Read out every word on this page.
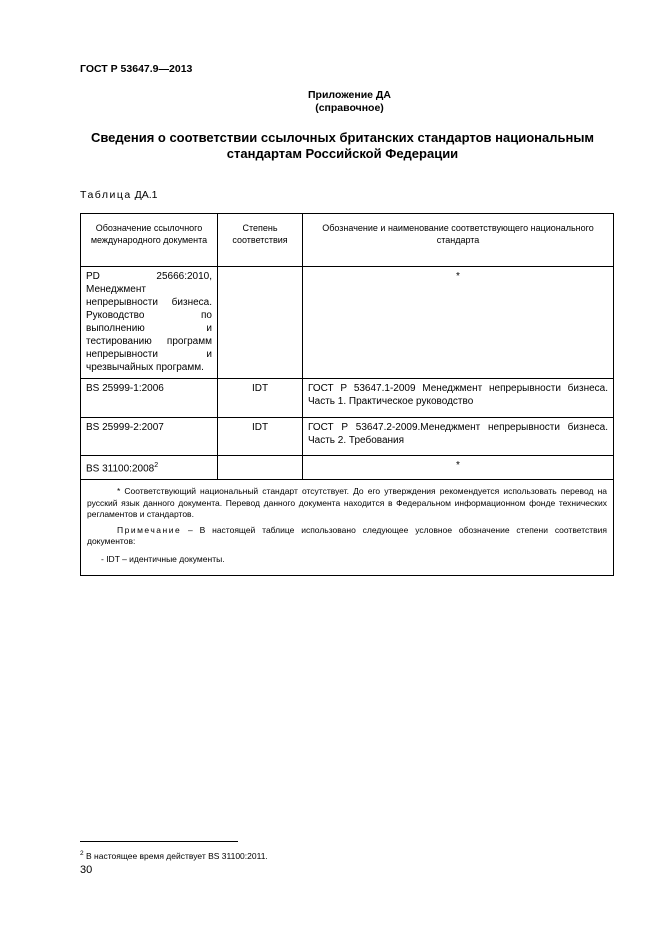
ГОСТ Р 53647.9—2013
Приложение ДА
(справочное)
Сведения о соответствии ссылочных британских стандартов национальным
стандартам Российской Федерации
Таблица ДА.1
Обозначение ссылочного международного документа	Степень соответствия	Обозначение и наименование соответствующего национального стандарта
PD 25666:2010, Менеджмент непрерывности бизнеса. Руководство по выполнению и тестированию программ непрерывности и чрезвычайных программ.		*
BS 25999-1:2006	IDT	ГОСТ Р 53647.1-2009 Менеджмент непрерывности бизнеса. Часть 1. Практическое руководство
BS 25999-2:2007	IDT	ГОСТ Р 53647.2-2009.Менеджмент непрерывности бизнеса. Часть 2. Требования
BS 31100:2008$^2$		*

* Соответствующий национальный стандарт отсутствует. До его утверждения рекомендуется использовать перевод на русский язык данного документа. Перевод данного документа находится в Федеральном информационном фонде технических регламентов и стандартов.

Примечание – В настоящей таблице использовано следующее условное обозначение степени соответствия документов:

- IDT – идентичные документы.		

$^2$ В настоящее время действует BS 31100:2011.
30
